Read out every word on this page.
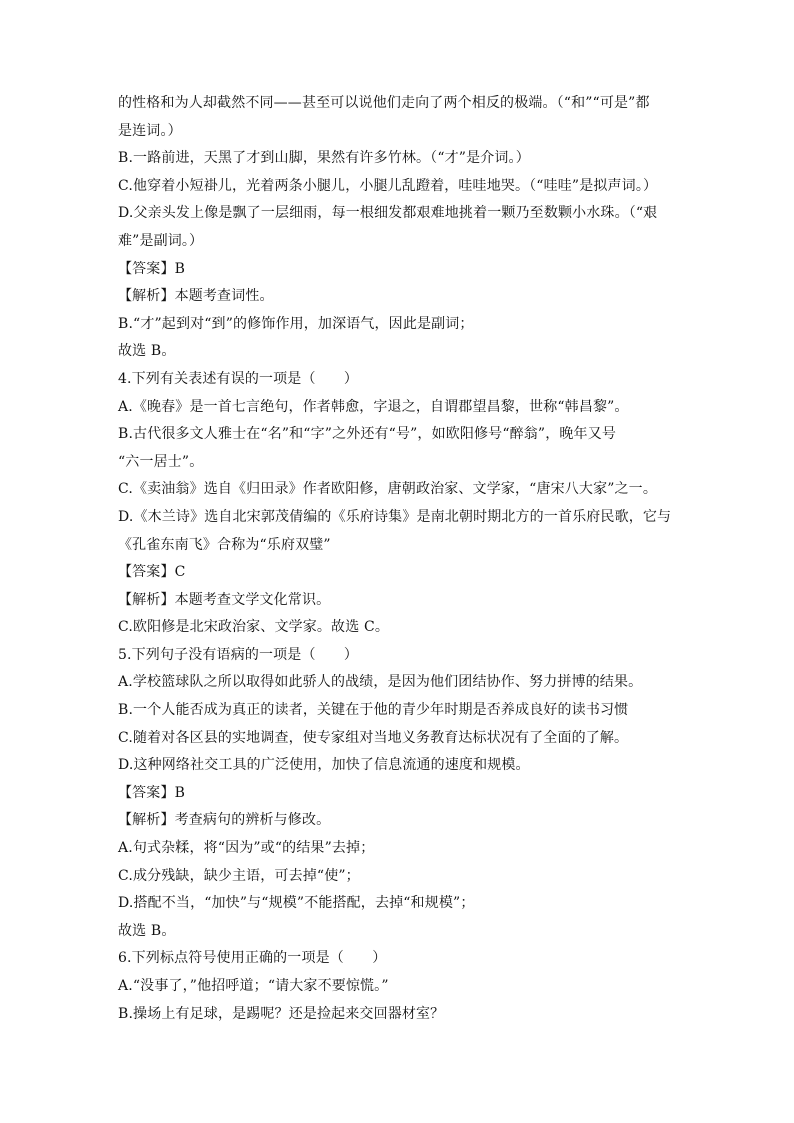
的性格和为人却截然不同——甚至可以说他们走向了两个相反的极端。（“和”“可是”都
是连词。）
B.一路前进，天黑了才到山脚，果然有许多竹林。（“才”是介词。）
C.他穿着小短褂儿，光着两条小腿儿，小腿儿乱蹬着，哇哇地哭。（“哇哇”是拟声词。）
D.父亲头发上像是飘了一层细雨，每一根细发都艰难地挑着一颗乃至数颗小水珠。（“艰
难”是副词。）
【答案】B
【解析】本题考查词性。
B.“才”起到对“到”的修饰作用，加深语气，因此是副词；
故选 B。
4.下列有关表述有误的一项是（　　）
A.《晚春》是一首七言绝句，作者韩愈，字退之，自谓郡望昌黎，世称“韩昌黎”。
B.古代很多文人雅士在“名”和“字”之外还有“号”，如欧阳修号“醉翁”，晚年又号
“六一居士”。
C.《卖油翁》选自《归田录》作者欧阳修，唐朝政治家、文学家，“唐宋八大家”之一。
D.《木兰诗》选自北宋郭茂倩编的《乐府诗集》是南北朝时期北方的一首乐府民歌，它与
《孔雀东南飞》合称为“乐府双璧”
【答案】C
【解析】本题考查文学文化常识。
C.欧阳修是北宋政治家、文学家。故选 C。
5.下列句子没有语病的一项是（　　）
A.学校篮球队之所以取得如此骄人的战绩，是因为他们团结协作、努力拼博的结果。
B.一个人能否成为真正的读者，关键在于他的青少年时期是否养成良好的读书习惯
C.随着对各区县的实地调查，使专家组对当地义务教育达标状况有了全面的了解。
D.这种网络社交工具的广泛使用，加快了信息流通的速度和规模。
【答案】B
【解析】考查病句的辨析与修改。
A.句式杂糅，将“因为”或“的结果”去掉；
C.成分残缺，缺少主语，可去掉“使”；
D.搭配不当，“加快”与“规模”不能搭配，去掉“和规模”；
故选 B。
6.下列标点符号使用正确的一项是（　　）
A.“没事了，”他招呼道；“请大家不要惊慌。”
B.操场上有足球，是踢呢？还是捡起来交回器材室？
